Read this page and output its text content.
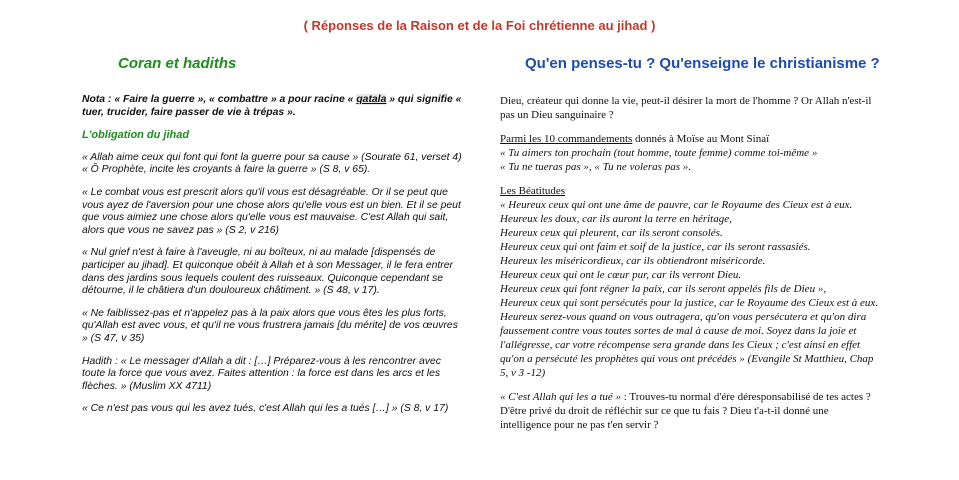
( Réponses de la Raison et de la Foi chrétienne au jihad )
Coran et hadiths	Qu'en penses-tu ? Qu'enseigne le christianisme ?

Nota : « Faire la guerre », « combattre » a pour racine « qatala » qui signifie « tuer, trucider, faire passer de vie à trépas ».

L'obligation du jihad

« Allah aime ceux qui font qui font la guerre pour sa cause » (Sourate 61, verset 4) « Ô Prophète, incite les croyants à faire la guerre » (S 8, v 65).

« Le combat vous est prescrit alors qu'il vous est désagréable. Or il se peut que vous ayez de l'aversion pour une chose alors qu'elle vous est un bien. Et il se peut que vous aimiez une chose alors qu'elle vous est mauvaise. C'est Allah qui sait, alors que vous ne savez pas » (S 2, v 216)

« Nul grief n'est à faire à l'aveugle, ni au boîteux, ni au malade [dispensés de participer au jihad]. Et quiconque obéit à Allah et à son Messager, il le fera entrer dans des jardins sous lequels coulent des ruisseaux. Quiconque cependant se détourne, il le châtiera d'un douloureux châtiment. » (S 48, v 17).

« Ne faiblissez-pas et n'appelez pas à la paix alors que vous êtes les plus forts, qu'Allah est avec vous, et qu'il ne vous frustrera jamais [du mérite] de vos œuvres » (S 47, v 35)

Hadith : « Le messager d'Allah a dit : […] Préparez-vous à les rencontrer avec toute la force que vous avez. Faites attention : la force est dans les arcs et les flèches. » (Muslim XX 4711)

« Ce n'est pas vous qui les avez tués, c'est Allah qui les a tués […] » (S 8, v 17)

Dieu, créateur qui donne la vie, peut-il désirer la mort de l'homme ? Or Allah n'est-il pas un Dieu sanguinaire ?

Parmi les 10 commandements donnés à Moïse au Mont Sinaï
« Tu aimers ton prochain (tout homme, toute femme) comme toi-même »
« Tu ne tueras pas », « Tu ne voleras pas ».

Les Béatitudes

« Heureux ceux qui ont une âme de pauvre, car le Royaume des Cieux est à eux.
Heureux les doux, car ils auront la terre en héritage,
Heureux ceux qui pleurent, car ils seront consolés.
Heureux ceux qui ont faim et soif de la justice, car ils seront rassasiés.
Heureux les miséricordieux, car ils obtiendront miséricorde.
Heureux ceux qui ont le cœur pur, car ils verront Dieu.
Heureux ceux qui font régner la paix, car ils seront appelés fils de Dieu »,
Heureux ceux qui sont persécutés pour la justice, car le Royaume des Cieux est à eux.
Heureux serez-vous quand on vous outragera, qu'on vous persécutera et qu'on dira faussement contre vous toutes sortes de mal à cause de moi. Soyez dans la joie et l'allégresse, car votre récompense sera grande dans les Cieux ; c'est ainsi en effet qu'on a persécuté les prophètes qui vous ont précédés » (Evangile St Matthieu, Chap 5, v 3 -12)

« C'est Allah qui les a tué » : Trouves-tu normal d'ére déresponsabilisé de tes actes ? D'être privé du droit de réfléchir sur ce que tu fais ? Dieu t'a-t-il donné une intelligence pour ne pas t'en servir ?
